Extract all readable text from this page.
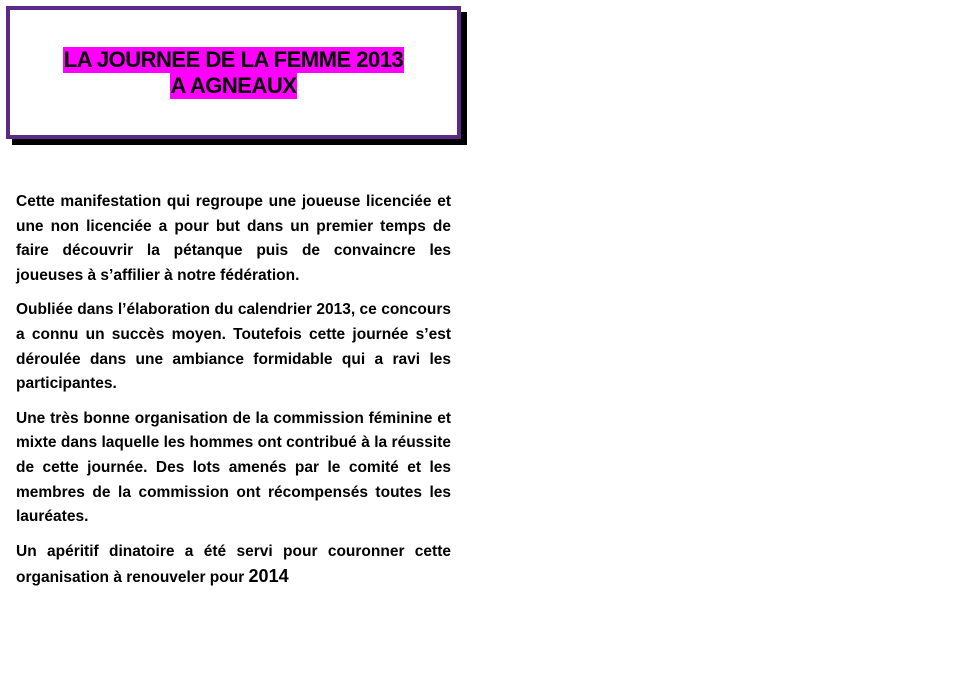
LA JOURNEE DE LA FEMME 2013
A AGNEAUX

Cette manifestation qui regroupe une joueuse licenciée et une non licenciée a pour but dans un premier temps de faire découvrir la pétanque puis de convaincre les joueuses à s’affilier à notre fédération.

Oubliée dans l’élaboration du calendrier 2013, ce concours a connu un succès moyen. Toutefois cette journée s’est déroulée dans une ambiance formidable qui a ravi les participantes.

Une très bonne organisation de la commission féminine et mixte dans laquelle les hommes ont contribué à la réussite de cette journée. Des lots amenés par le comité et les membres de la commission ont récompensés toutes les lauréates.

Un apéritif dinatoire a été servi pour couronner cette organisation à renouveler pour 2014
